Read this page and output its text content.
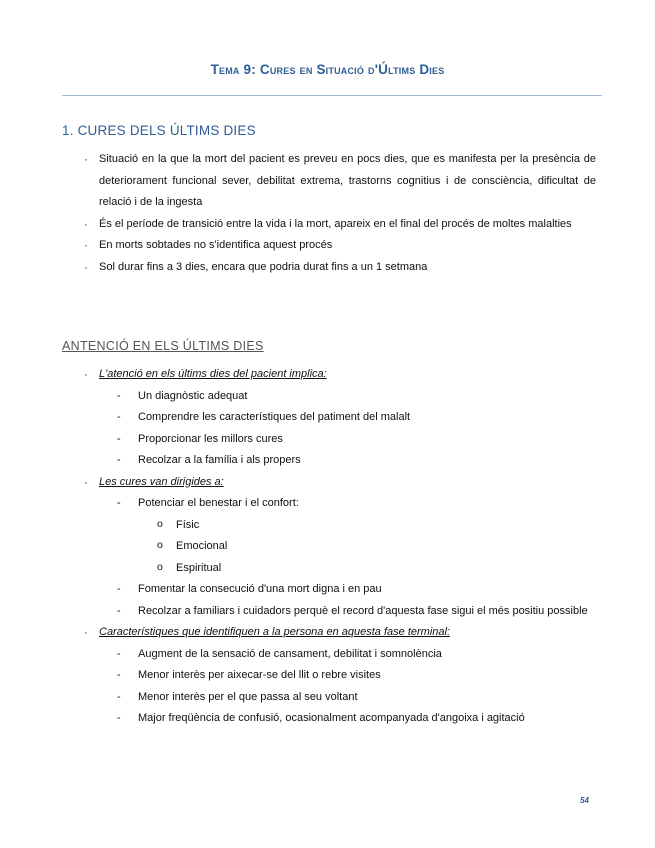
Tema 9: Cures en Situació d'Últims Dies
1. CURES DELS ÚLTIMS DIES
· Situació en la que la mort del pacient es preveu en pocs dies, que es manifesta per la presència de deteriorament funcional sever, debilitat extrema, trastorns cognitius i de consciència, dificultat de relació i de la ingesta
· És el període de transició entre la vida i la mort, apareix en el final del procés de moltes malalties
· En morts sobtades no s'identifica aquest procés
· Sol durar fins a 3 dies, encara que podria durat fins a un 1 setmana
ANTENCIÓ EN ELS ÚLTIMS DIES
· L'atenció en els últims dies del pacient implica:
- Un diagnòstic adequat
- Comprendre les característiques del patiment del malalt
- Proporcionar les millors cures
- Recolzar a la família i als propers
· Les cures van dirigides a:
- Potenciar el benestar i el confort:
o Físic
o Emocional
o Espiritual
- Fomentar la consecució d'una mort digna i en pau
- Recolzar a familiars i cuidadors perquè el record d'aquesta fase sigui el més positiu possible
· Característiques que identifiquen a la persona en aquesta fase terminal:
- Augment de la sensació de cansament, debilitat i somnolència
- Menor interès per aixecar-se del llit o rebre visites
- Menor interès per el que passa al seu voltant
- Major freqüència de confusió, ocasionalment acompanyada d'angoixa i agitació
54
